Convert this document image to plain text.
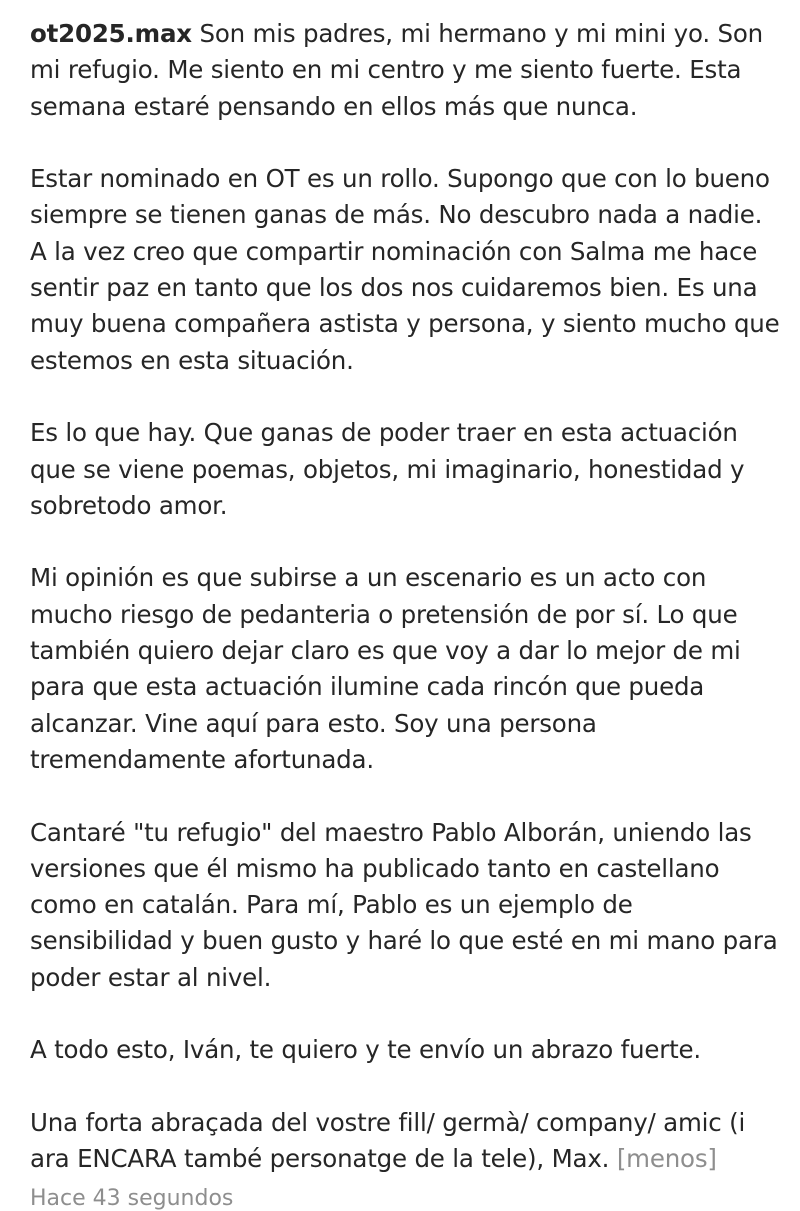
ot2025.max Son mis padres, mi hermano y mi mini yo. Son mi refugio. Me siento en mi centro y me siento fuerte. Esta semana estaré pensando en ellos más que nunca.

Estar nominado en OT es un rollo. Supongo que con lo bueno siempre se tienen ganas de más. No descubro nada a nadie. A la vez creo que compartir nominación con Salma me hace sentir paz en tanto que los dos nos cuidaremos bien. Es una muy buena compañera astista y persona, y siento mucho que estemos en esta situación.

Es lo que hay. Que ganas de poder traer en esta actuación que se viene poemas, objetos, mi imaginario, honestidad y sobretodo amor.

Mi opinión es que subirse a un escenario es un acto con mucho riesgo de pedanteria o pretensión de por sí. Lo que también quiero dejar claro es que voy a dar lo mejor de mi para que esta actuación ilumine cada rincón que pueda alcanzar. Vine aquí para esto. Soy una persona tremendamente afortunada.

Cantaré "tu refugio" del maestro Pablo Alborán, uniendo las versiones que él mismo ha publicado tanto en castellano como en catalán. Para mí, Pablo es un ejemplo de sensibilidad y buen gusto y haré lo que esté en mi mano para poder estar al nivel.

A todo esto, Iván, te quiero y te envío un abrazo fuerte.

Una forta abraçada del vostre fill/ germà/ company/ amic (i ara ENCARA també personatge de la tele), Max. [menos]

Hace 43 segundos
